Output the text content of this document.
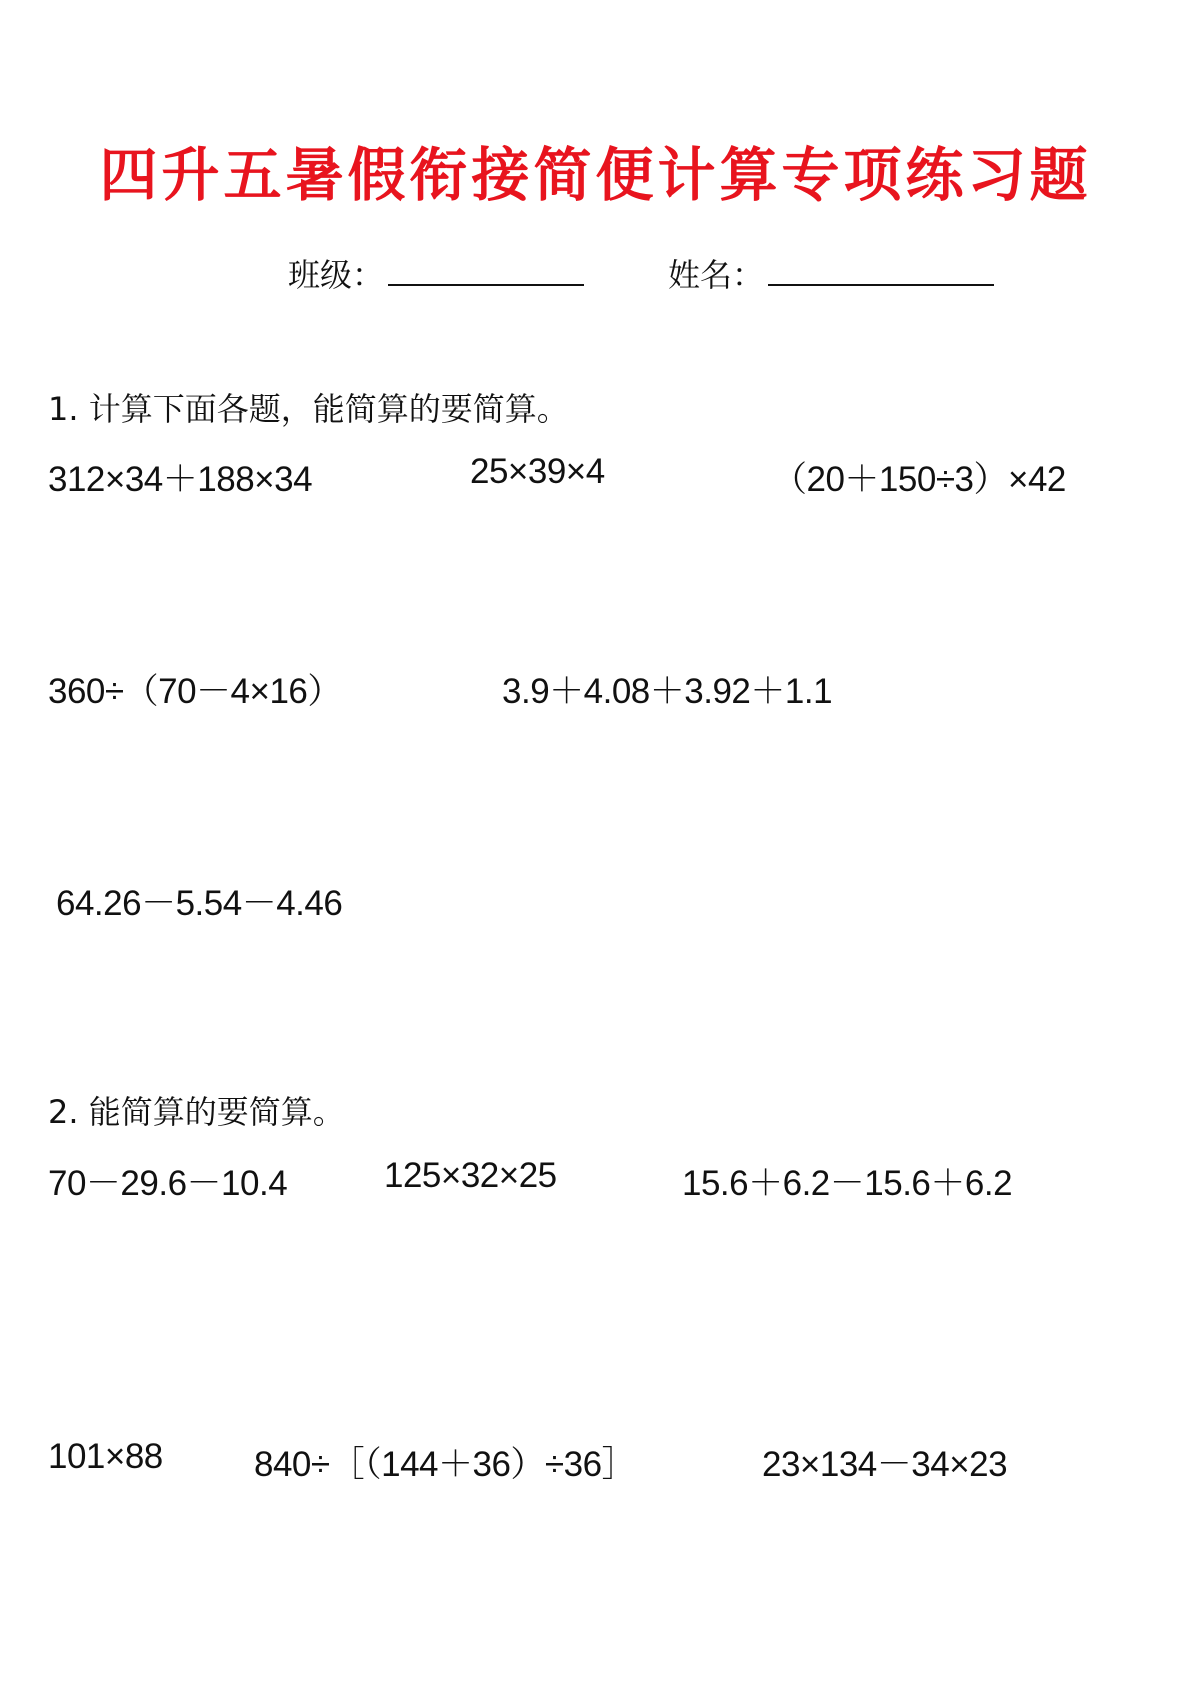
四升五暑假衔接简便计算专项练习题
班级：	姓名：
1. 计算下面各题，能简算的要简算。
312×34＋188×34	25×39×4	（20＋150÷3）×42
360÷（70－4×16）	3.9＋4.08＋3.92＋1.1
64.26－5.54－4.46
2. 能简算的要简算。
70－29.6－10.4	125×32×25	15.6＋6.2－15.6＋6.2
101×88	840÷［（144＋36）÷36］	23×134－34×23
